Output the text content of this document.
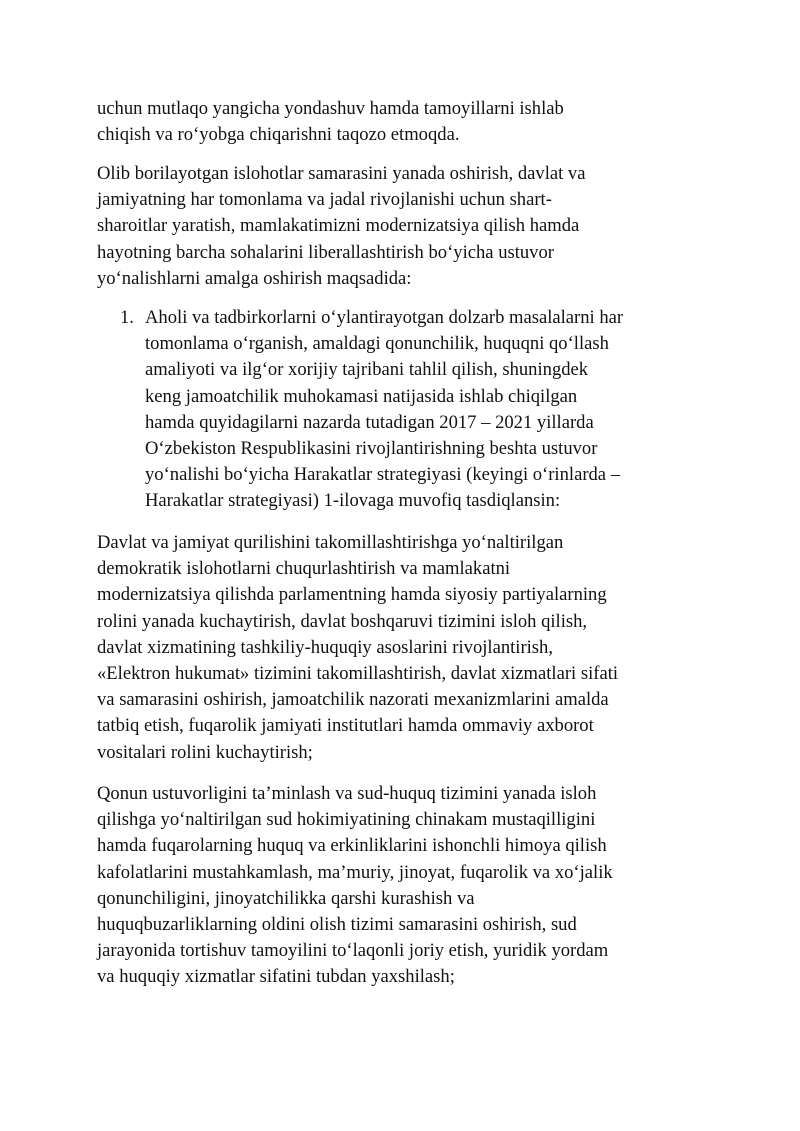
uchun mutlaqo yangicha yondashuv hamda tamoyillarni ishlab
chiqish va ro‘yobga chiqarishni taqozo etmoqda.

Olib borilayotgan islohotlar samarasini yanada oshirish, davlat va
jamiyatning har tomonlama va jadal rivojlanishi uchun shart-
sharoitlar yaratish, mamlakatimizni modernizatsiya qilish hamda
hayotning barcha sohalarini liberallashtirish bo‘yicha ustuvor
yo‘nalishlarni amalga oshirish maqsadida:

1. Aholi va tadbirkorlarni o‘ylantirayotgan dolzarb masalalarni har
tomonlama o‘rganish, amaldagi qonunchilik, huquqni qo‘llash
amaliyoti va ilg‘or xorijiy tajribani tahlil qilish, shuningdek
keng jamoatchilik muhokamasi natijasida ishlab chiqilgan
hamda quyidagilarni nazarda tutadigan 2017 – 2021 yillarda
O‘zbekiston Respublikasini rivojlantirishning beshta ustuvor
yo‘nalishi bo‘yicha Harakatlar strategiyasi (keyingi o‘rinlarda –
Harakatlar strategiyasi) 1-ilovaga muvofiq tasdiqlansin:

Davlat va jamiyat qurilishini takomillashtirishga yo‘naltirilgan
demokratik islohotlarni chuqurlashtirish va mamlakatni
modernizatsiya qilishda parlamentning hamda siyosiy partiyalarning
rolini yanada kuchaytirish, davlat boshqaruvi tizimini isloh qilish,
davlat xizmatining tashkiliy-huquqiy asoslarini rivojlantirish,
«Elektron hukumat» tizimini takomillashtirish, davlat xizmatlari sifati
va samarasini oshirish, jamoatchilik nazorati mexanizmlarini amalda
tatbiq etish, fuqarolik jamiyati institutlari hamda ommaviy axborot
vositalari rolini kuchaytirish;

Qonun ustuvorligini ta’minlash va sud-huquq tizimini yanada isloh
qilishga yo‘naltirilgan sud hokimiyatining chinakam mustaqilligini
hamda fuqarolarning huquq va erkinliklarini ishonchli himoya qilish
kafolatlarini mustahkamlash, ma’muriy, jinoyat, fuqarolik va xo‘jalik
qonunchiligini, jinoyatchilikka qarshi kurashish va
huquqbuzarliklarning oldini olish tizimi samarasini oshirish, sud
jarayonida tortishuv tamoyilini to‘laqonli joriy etish, yuridik yordam
va huquqiy xizmatlar sifatini tubdan yaxshilash;
